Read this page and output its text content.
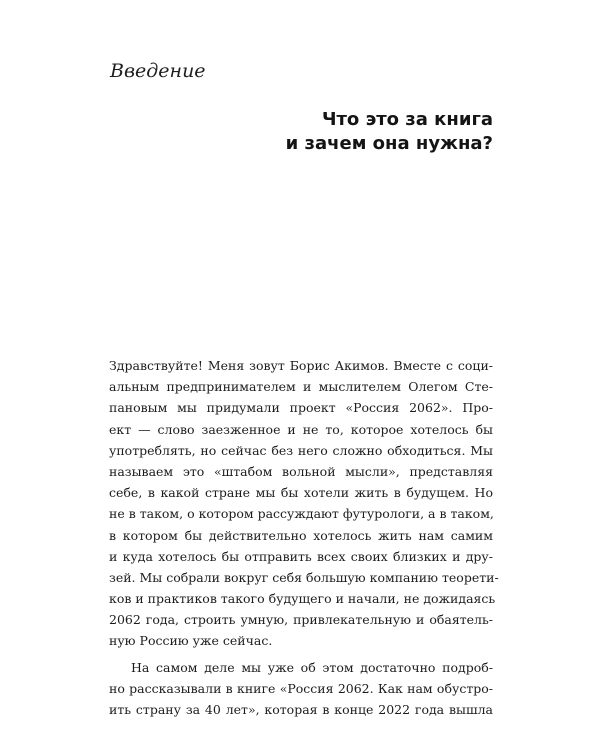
Введение

Что это за книга
и зачем она нужна?
Здравствуйте! Меня зовут Борис Акимов. Вместе с соци-
альным предпринимателем и мыслителем Олегом Сте-
пановым мы придумали проект «Россия 2062». Про-
ект — слово заезженное и не то, которое хотелось бы
употреблять, но сейчас без него сложно обходиться. Мы
называем это «штабом вольной мысли», представляя
себе, в какой стране мы бы хотели жить в будущем. Но
не в таком, о котором рассуждают футурологи, а в таком,
в котором бы действительно хотелось жить нам самим
и куда хотелось бы отправить всех своих близких и дру-
зей. Мы собрали вокруг себя большую компанию теорети-
ков и практиков такого будущего и начали, не дожидаясь
2062 года, строить умную, привлекательную и обаятель-
ную Россию уже сейчас.
На самом деле мы уже об этом достаточно подроб-
но рассказывали в книге «Россия 2062. Как нам обустро-
ить страну за 40 лет», которая в конце 2022 года вышла
